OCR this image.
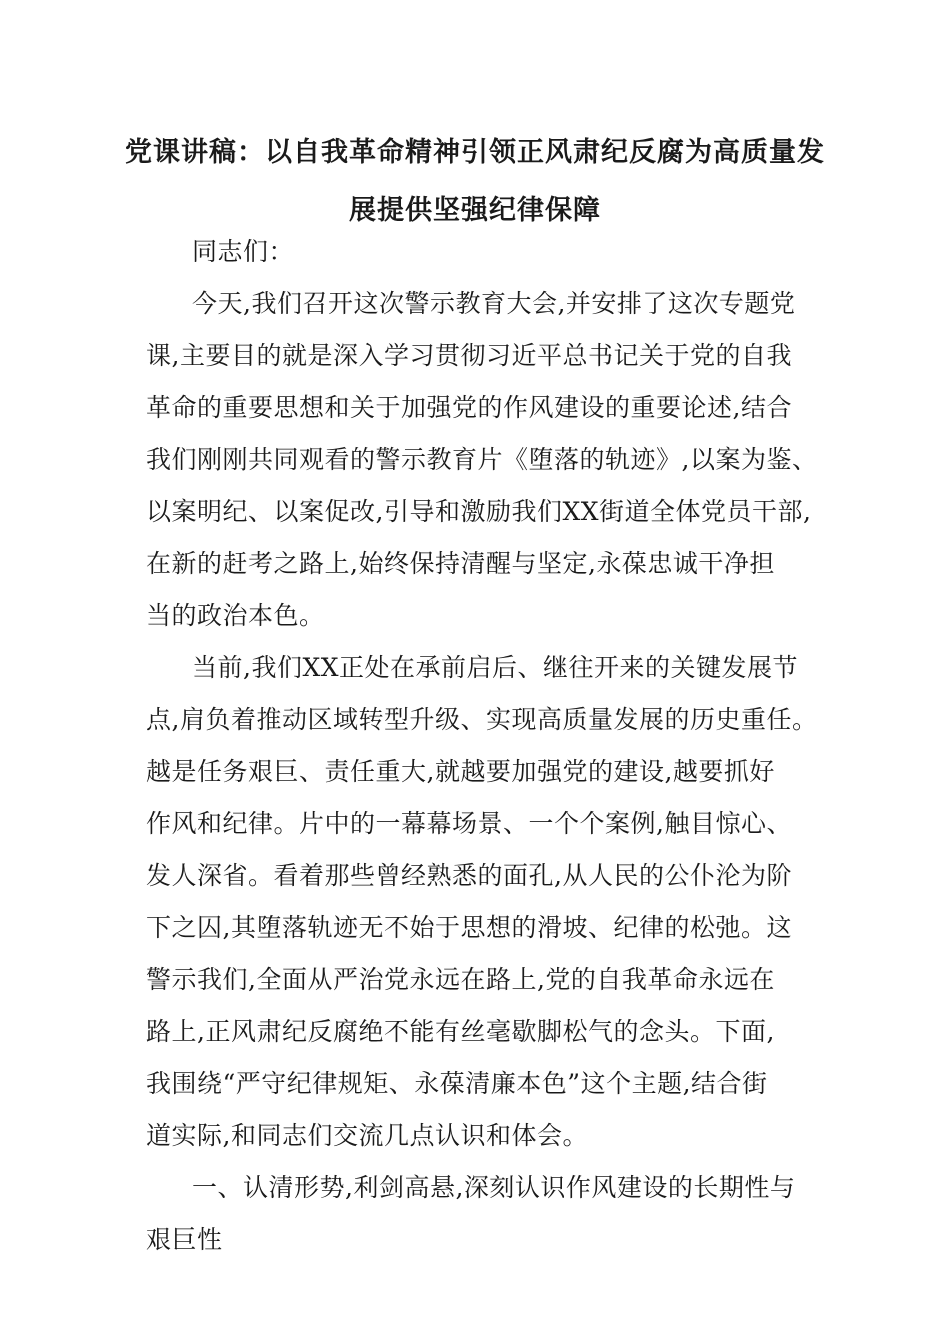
党课讲稿：以自我革命精神引领正风肃纪反腐为高质量发
展提供坚强纪律保障
同志们：
今天,我们召开这次警示教育大会,并安排了这次专题党
课,主要目的就是深入学习贯彻习近平总书记关于党的自我
革命的重要思想和关于加强党的作风建设的重要论述,结合
我们刚刚共同观看的警示教育片《堕落的轨迹》,以案为鉴、
以案明纪、以案促改,引导和激励我们XX街道全体党员干部,
在新的赶考之路上,始终保持清醒与坚定,永葆忠诚干净担
当的政治本色。
当前,我们XX正处在承前启后、继往开来的关键发展节
点,肩负着推动区域转型升级、实现高质量发展的历史重任。
越是任务艰巨、责任重大,就越要加强党的建设,越要抓好
作风和纪律。片中的一幕幕场景、一个个案例,触目惊心、
发人深省。看着那些曾经熟悉的面孔,从人民的公仆沦为阶
下之囚,其堕落轨迹无不始于思想的滑坡、纪律的松弛。这
警示我们,全面从严治党永远在路上,党的自我革命永远在
路上,正风肃纪反腐绝不能有丝毫歇脚松气的念头。下面,
我围绕“严守纪律规矩、永葆清廉本色”这个主题,结合街
道实际,和同志们交流几点认识和体会。
一、认清形势,利剑高悬,深刻认识作风建设的长期性与
艰巨性
